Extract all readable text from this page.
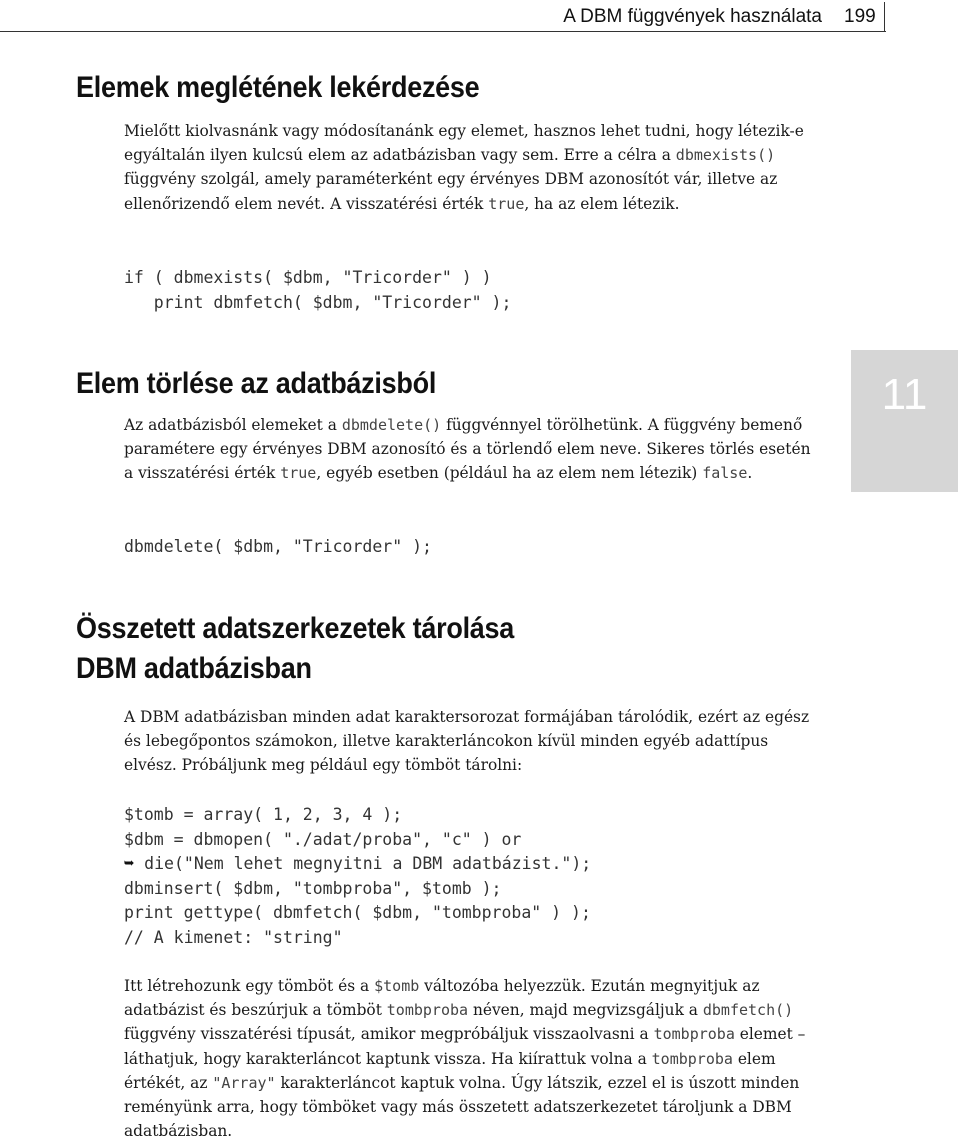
A DBM függvények használata 199
11
Elemek meglétének lekérdezése

Mielőtt kiolvasnánk vagy módosítanánk egy elemet, hasznos lehet tudni, hogy létezik-e egyáltalán ilyen kulcsú elem az adatbázisban vagy sem. Erre a célra a dbmexists() függvény szolgál, amely paraméterként egy érvényes DBM azonosítót vár, illetve az ellenőrizendő elem nevét. A visszatérési érték true, ha az elem létezik.

if ( dbmexists( $dbm, "Tricorder" ) )
print dbmfetch( $dbm, "Tricorder" );
Elem törlése az adatbázisból

Az adatbázisból elemeket a dbmdelete() függvénnyel törölhetünk. A függvény bemenő paramétere egy érvényes DBM azonosító és a törlendő elem neve. Sikeres törlés esetén a visszatérési érték true, egyéb esetben (például ha az elem nem létezik) false.

dbmdelete( $dbm, "Tricorder" );
Összetett adatszerkezetek tárolása
DBM adatbázisban

A DBM adatbázisban minden adat karaktersorozat formájában tárolódik, ezért az egész és lebegőpontos számokon, illetve karakterláncokon kívül minden egyéb adattípus elvész. Próbáljunk meg például egy tömböt tárolni:

$tomb = array( 1, 2, 3, 4 );
$dbm = dbmopen( "./adat/proba", "c" ) or
➥ die("Nem lehet megnyitni a DBM adatbázist.");
dbminsert( $dbm, "tombproba", $tomb );
print gettype( dbmfetch( $dbm, "tombproba" ) );
// A kimenet: "string"

Itt létrehozunk egy tömböt és a $tomb változóba helyezzük. Ezután megnyitjuk az adatbázist és beszúrjuk a tömböt tombproba néven, majd megvizsgáljuk a dbmfetch() függvény visszatérési típusát, amikor megpróbáljuk visszaolvasni a tombproba elemet – láthatjuk, hogy karakterláncot kaptunk vissza. Ha kiírattuk volna a tombproba elem értékét, az "Array" karakterláncot kaptuk volna. Úgy látszik, ezzel el is úszott minden reményünk arra, hogy tömböket vagy más összetett adatszerkezetet tároljunk a DBM adatbázisban.
